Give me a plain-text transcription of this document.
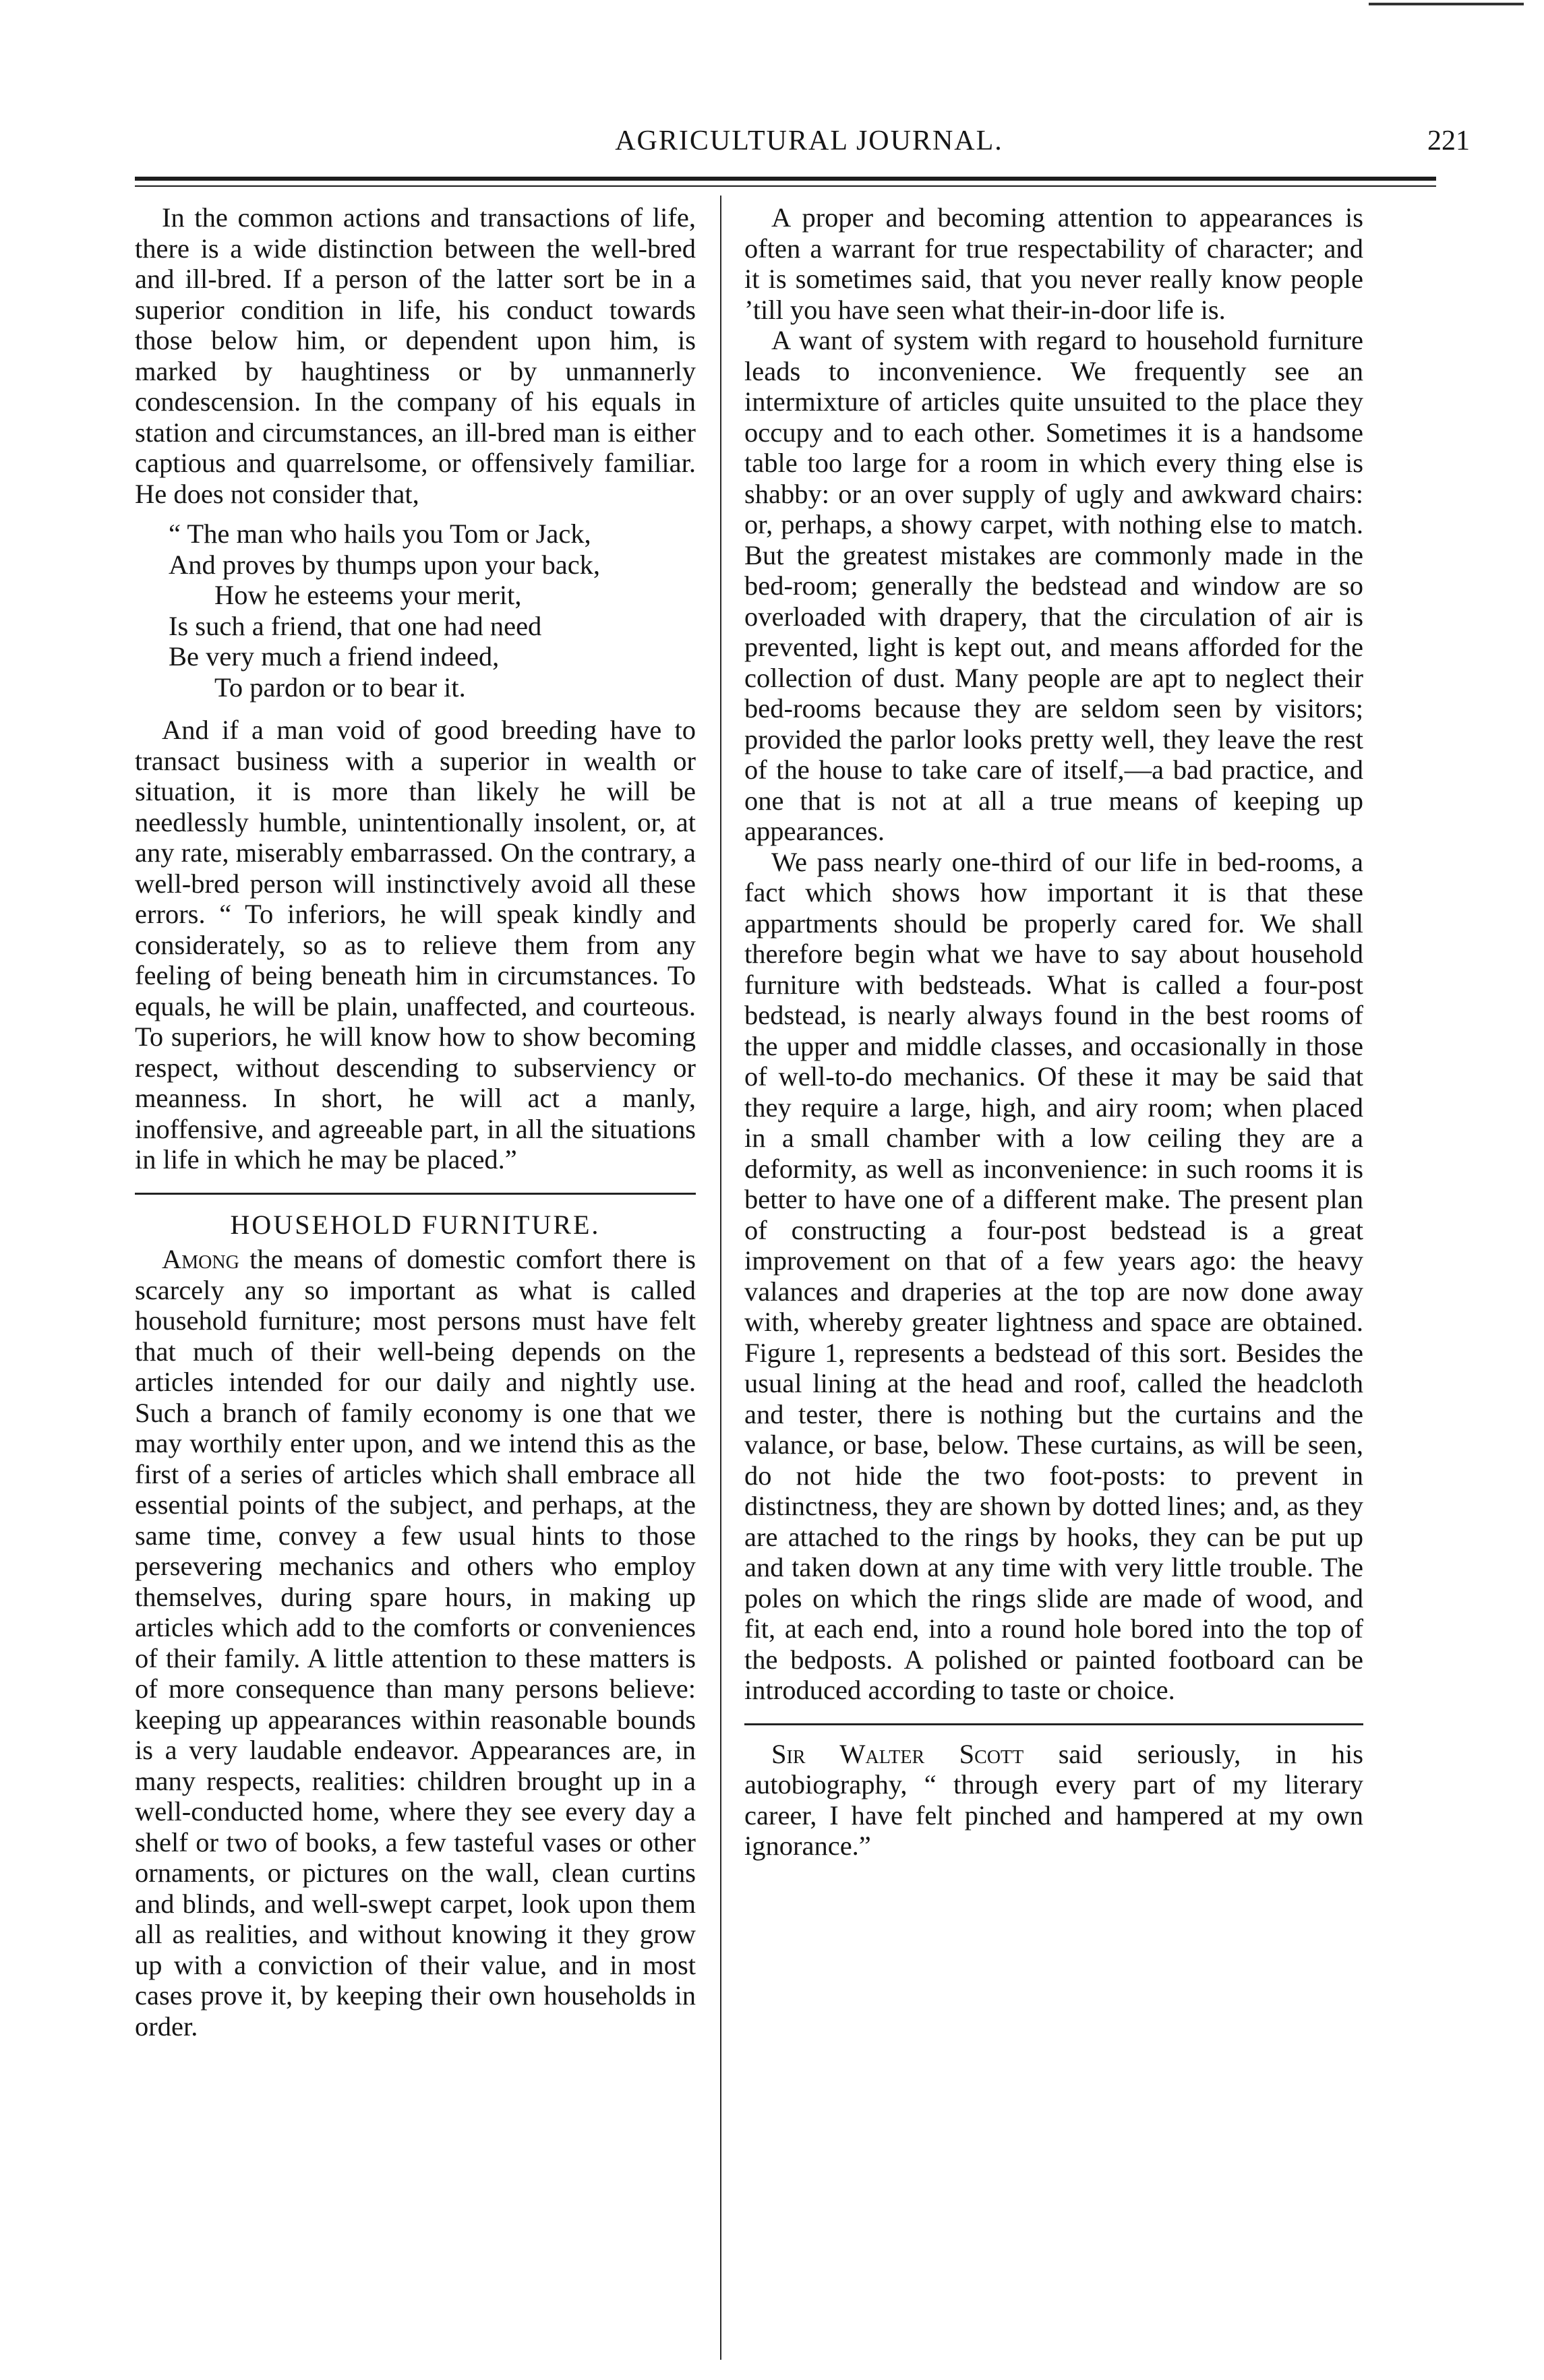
AGRICULTURAL JOURNAL.	221

In the common actions and transactions of life, there is a wide distinction between the well-bred and ill-bred. If a person of the latter sort be in a superior condition in life, his conduct towards those below him, or dependent upon him, is marked by haughtiness or by unmannerly condescension. In the company of his equals in station and circumstances, an ill-bred man is either captious and quarrelsome, or offensively familiar. He does not consider that,

“ The man who hails you Tom or Jack,
And proves by thumps upon your back,
How he esteems your merit,
Is such a friend, that one had need
Be very much a friend indeed,
To pardon or to bear it.

And if a man void of good breeding have to transact business with a superior in wealth or situation, it is more than likely he will be needlessly humble, unintentionally insolent, or, at any rate, miserably embarrassed. On the contrary, a well-bred person will instinctively avoid all these errors. “ To inferiors, he will speak kindly and considerately, so as to relieve them from any feeling of being beneath him in circumstances. To equals, he will be plain, unaffected, and courteous. To superiors, he will know how to show becoming respect, without descending to subserviency or meanness. In short, he will act a manly, inoffensive, and agreeable part, in all the situations in life in which he may be placed.”

HOUSEHOLD FURNITURE.

Among the means of domestic comfort there is scarcely any so important as what is called household furniture; most persons must have felt that much of their well-being depends on the articles intended for our daily and nightly use. Such a branch of family economy is one that we may worthily enter upon, and we intend this as the first of a series of articles which shall embrace all essential points of the subject, and perhaps, at the same time, convey a few usual hints to those persevering mechanics and others who employ themselves, during spare hours, in making up articles which add to the comforts or conveniences of their family. A little attention to these matters is of more consequence than many persons believe: keeping up appearances within reasonable bounds is a very laudable endeavor. Appearances are, in many respects, realities: children brought up in a well-conducted home, where they see every day a shelf or two of books, a few tasteful vases or other ornaments, or pictures on the wall, clean curtins and blinds, and well-swept carpet, look upon them all as realities, and without knowing it they grow up with a conviction of their value, and in most cases prove it, by keeping their own households in order.

A proper and becoming attention to appearances is often a warrant for true respectability of character; and it is sometimes said, that you never really know people ’till you have seen what their-in-door life is.

A want of system with regard to household furniture leads to inconvenience. We frequently see an intermixture of articles quite unsuited to the place they occupy and to each other. Sometimes it is a handsome table too large for a room in which every thing else is shabby: or an over supply of ugly and awkward chairs: or, perhaps, a showy carpet, with nothing else to match. But the greatest mistakes are commonly made in the bed-room; generally the bedstead and window are so overloaded with drapery, that the circulation of air is prevented, light is kept out, and means afforded for the collection of dust. Many people are apt to neglect their bed-rooms because they are seldom seen by visitors; provided the parlor looks pretty well, they leave the rest of the house to take care of itself,—a bad practice, and one that is not at all a true means of keeping up appearances.

We pass nearly one-third of our life in bed-rooms, a fact which shows how important it is that these appartments should be properly cared for. We shall therefore begin what we have to say about household furniture with bedsteads. What is called a four-post bedstead, is nearly always found in the best rooms of the upper and middle classes, and occasionally in those of well-to-do mechanics. Of these it may be said that they require a large, high, and airy room; when placed in a small chamber with a low ceiling they are a deformity, as well as inconvenience: in such rooms it is better to have one of a different make. The present plan of constructing a four-post bedstead is a great improvement on that of a few years ago: the heavy valances and draperies at the top are now done away with, whereby greater lightness and space are obtained. Figure 1, represents a bedstead of this sort. Besides the usual lining at the head and roof, called the headcloth and tester, there is nothing but the curtains and the valance, or base, below. These curtains, as will be seen, do not hide the two foot-posts: to prevent in distinctness, they are shown by dotted lines; and, as they are attached to the rings by hooks, they can be put up and taken down at any time with very little trouble. The poles on which the rings slide are made of wood, and fit, at each end, into a round hole bored into the top of the bedposts. A polished or painted footboard can be introduced according to taste or choice.

Sir Walter Scott said seriously, in his autobiography, “ through every part of my literary career, I have felt pinched and hampered at my own ignorance.”
